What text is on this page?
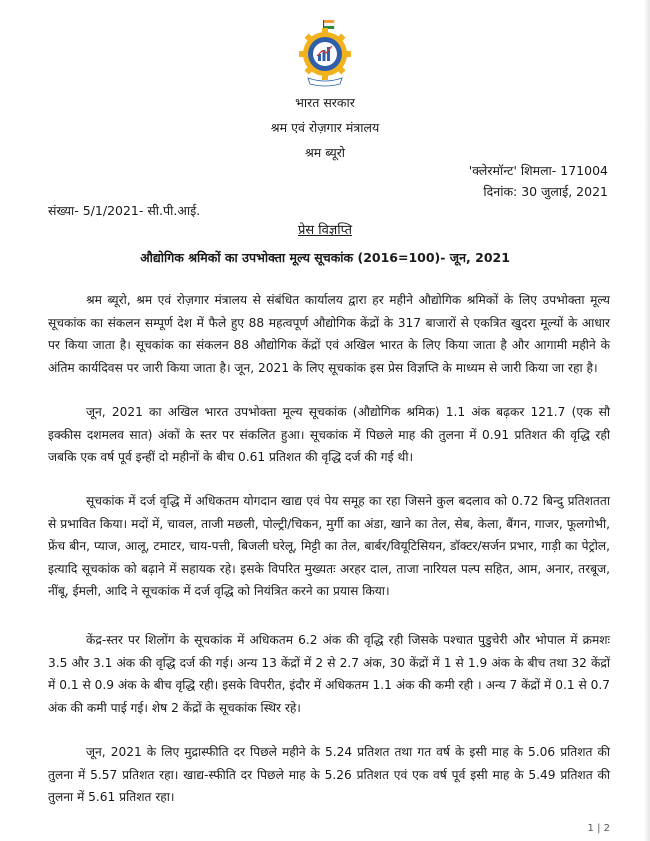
भारत सरकार
श्रम एवं रोज़गार मंत्रालय
श्रम ब्यूरो
'क्लेरमॉन्ट' शिमला- 171004
दिनांक: 30 जुलाई, 2021
संख्या- 5/1/2021- सी.पी.आई.
प्रेस विज्ञप्ति
औद्योगिक श्रमिकों का उपभोक्ता मूल्य सूचकांक (2016=100)- जून, 2021

श्रम ब्यूरो, श्रम एवं रोज़गार मंत्रालय से संबंधित कार्यालय द्वारा हर महीने औद्योगिक श्रमिकों के लिए उपभोक्ता मूल्य सूचकांक का संकलन सम्पूर्ण देश में फैले हुए 88 महत्वपूर्ण औद्योगिक केंद्रों के 317 बाजारों से एकत्रित खुदरा मूल्यों के आधार पर किया जाता है। सूचकांक का संकलन 88 औद्योगिक केंद्रों एवं अखिल भारत के लिए किया जाता है और आगामी महीने के अंतिम कार्यदिवस पर जारी किया जाता है। जून, 2021 के लिए सूचकांक इस प्रेस विज्ञप्ति के माध्यम से जारी किया जा रहा है।

जून, 2021 का अखिल भारत उपभोक्ता मूल्य सूचकांक (औद्योगिक श्रमिक) 1.1 अंक बढ़कर 121.7 (एक सौ इक्कीस दशमलव सात) अंकों के स्तर पर संकलित हुआ। सूचकांक में पिछले माह की तुलना में 0.91 प्रतिशत की वृद्धि रही जबकि एक वर्ष पूर्व इन्हीं दो महीनों के बीच 0.61 प्रतिशत की वृद्धि दर्ज की गई थी।

सूचकांक में दर्ज वृद्धि में अधिकतम योगदान खाद्य एवं पेय समूह का रहा जिसने कुल बदलाव को 0.72 बिन्दु प्रतिशतता से प्रभावित किया। मदों में, चावल, ताजी मछली, पोल्ट्री/चिकन, मुर्गी का अंडा, खाने का तेल, सेब, केला, बैंगन, गाजर, फूलगोभी, फ्रेंच बीन, प्याज, आलू, टमाटर, चाय-पत्ती, बिजली घरेलू, मिट्टी का तेल, बार्बर/वियूटिसियन, डॉक्टर/सर्जन प्रभार, गाड़ी का पेट्रोल, इत्यादि सूचकांक को बढ़ाने में सहायक रहे। इसके विपरित मुख्यतः अरहर दाल, ताजा नारियल पल्प सहित, आम, अनार, तरबूज, नींबू, ईमली, आदि ने सूचकांक में दर्ज वृद्धि को नियंत्रित करने का प्रयास किया।

केंद्र-स्तर पर शिलोंग के सूचकांक में अधिकतम 6.2 अंक की वृद्धि रही जिसके पश्चात पुडुचेरी और भोपाल में क्रमशः 3.5 और 3.1 अंक की वृद्धि दर्ज की गई। अन्य 13 केंद्रों में 2 से 2.7 अंक, 30 केंद्रों में 1 से 1.9 अंक के बीच तथा 32 केंद्रों में 0.1 से 0.9 अंक के बीच वृद्धि रही। इसके विपरीत, इंदौर में अधिकतम 1.1 अंक की कमी रही । अन्य 7 केंद्रों में 0.1 से 0.7 अंक की कमी पाई गई। शेष 2 केंद्रों के सूचकांक स्थिर रहे।

जून, 2021 के लिए मुद्रास्फीति दर पिछले महीने के 5.24 प्रतिशत तथा गत वर्ष के इसी माह के 5.06 प्रतिशत की तुलना में 5.57 प्रतिशत रहा। खाद्य-स्फीति दर पिछले माह के 5.26 प्रतिशत एवं एक वर्ष पूर्व इसी माह के 5.49 प्रतिशत की तुलना में 5.61 प्रतिशत रहा।

1 | 2
